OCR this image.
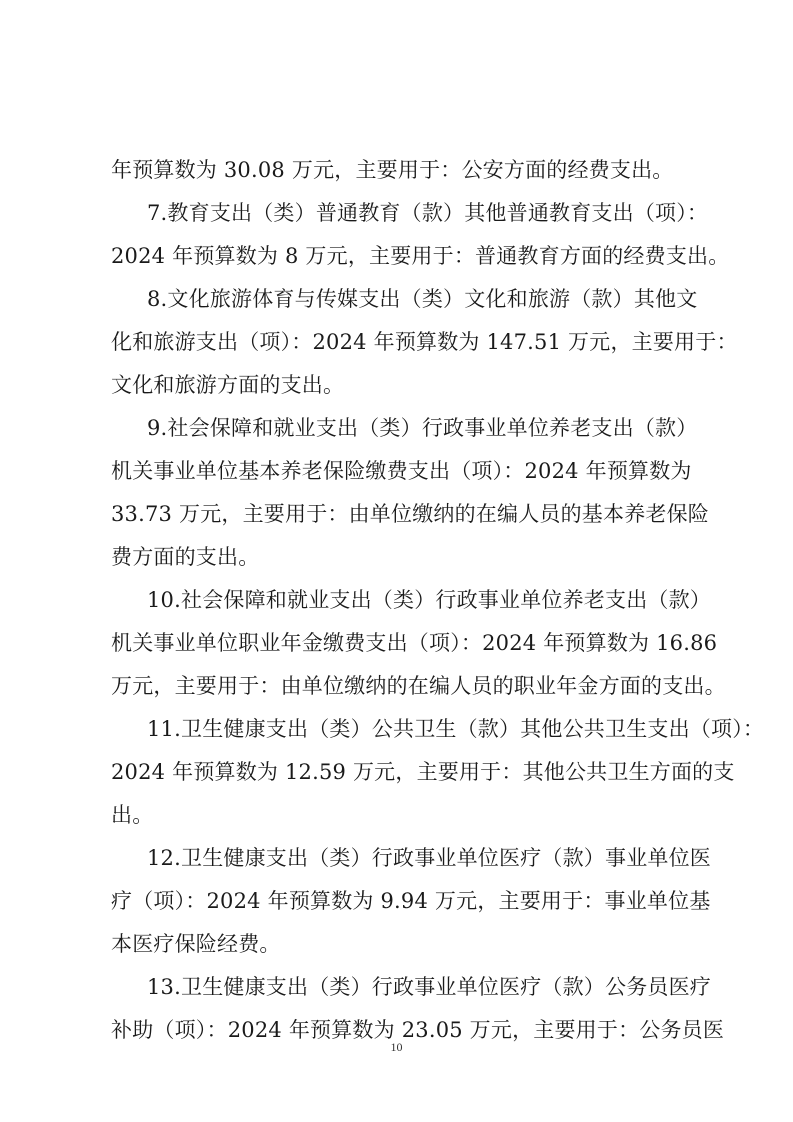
年预算数为 30.08 万元，主要用于：公安方面的经费支出。
7.教育支出（类）普通教育（款）其他普通教育支出（项）：
2024 年预算数为 8 万元，主要用于：普通教育方面的经费支出。
8.文化旅游体育与传媒支出（类）文化和旅游（款）其他文
化和旅游支出（项）：2024 年预算数为 147.51 万元，主要用于：
文化和旅游方面的支出。
9.社会保障和就业支出（类）行政事业单位养老支出（款）
机关事业单位基本养老保险缴费支出（项）：2024 年预算数为
33.73 万元，主要用于：由单位缴纳的在编人员的基本养老保险
费方面的支出。
10.社会保障和就业支出（类）行政事业单位养老支出（款）
机关事业单位职业年金缴费支出（项）：2024 年预算数为 16.86
万元，主要用于：由单位缴纳的在编人员的职业年金方面的支出。
11.卫生健康支出（类）公共卫生（款）其他公共卫生支出（项）：
2024 年预算数为 12.59 万元，主要用于：其他公共卫生方面的支
出。
12.卫生健康支出（类）行政事业单位医疗（款）事业单位医
疗（项）：2024 年预算数为 9.94 万元，主要用于：事业单位基
本医疗保险经费。
13.卫生健康支出（类）行政事业单位医疗（款）公务员医疗
补助（项）：2024 年预算数为 23.05 万元，主要用于：公务员医
10
